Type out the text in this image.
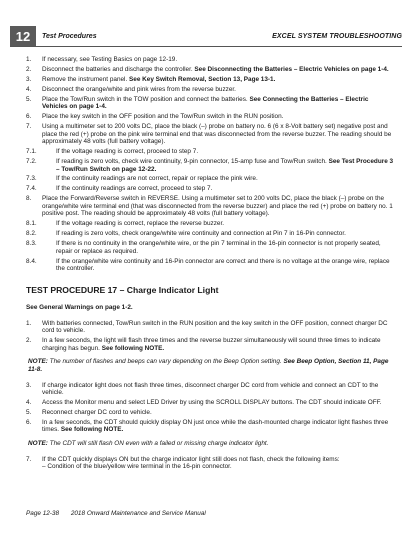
12	Test Procedures	EXCEL SYSTEM TROUBLESHOOTING
1.	If necessary, see Testing Basics on page 12-19.
2.	Disconnect the batteries and discharge the controller. See Disconnecting the Batteries – Electric Vehicles on page 1-4.
3.	Remove the instrument panel. See Key Switch Removal, Section 13, Page 13-1.
4.	Disconnect the orange/white and pink wires from the reverse buzzer.
5.	Place the Tow/Run switch in the TOW position and connect the batteries. See Connecting the Batteries – Electric Vehicles on page 1-4.
6.	Place the key switch in the OFF position and the Tow/Run switch in the RUN position.
7.	Using a multimeter set to 200 volts DC, place the black (–) probe on battery no. 6 (6 x 8-Volt battery set) negative post and place the red (+) probe on the pink wire terminal end that was disconnected from the reverse buzzer. The reading should be approximately 48 volts (full battery voltage).
7.1.	If the voltage reading is correct, proceed to step 7.
7.2.	If reading is zero volts, check wire continuity, 9-pin connector, 15-amp fuse and Tow/Run switch. See Test Procedure 3 – Tow/Run Switch on page 12-22.
7.3.	If the continuity readings are not correct, repair or replace the pink wire.
7.4.	If the continuity readings are correct, proceed to step 7.
8.	Place the Forward/Reverse switch in REVERSE. Using a multimeter set to 200 volts DC, place the black (–) probe on the orange/white wire terminal end (that was disconnected from the reverse buzzer) and place the red (+) probe on battery no. 1 positive post. The reading should be approximately 48 volts (full battery voltage).
8.1.	If the voltage reading is correct, replace the reverse buzzer.
8.2.	If reading is zero volts, check orange/white wire continuity and connection at Pin 7 in 16-Pin connector.
8.3.	If there is no continuity in the orange/white wire, or the pin 7 terminal in the 16-pin connector is not properly seated, repair or replace as required.
8.4.	If the orange/white wire continuity and 16-Pin connector are correct and there is no voltage at the orange wire, replace the controller.
TEST PROCEDURE 17 – Charge Indicator Light
See General Warnings on page 1-2.
1.	With batteries connected, Tow/Run switch in the RUN position and the key switch in the OFF position, connect charger DC cord to vehicle.
2.	In a few seconds, the light will flash three times and the reverse buzzer simultaneously will sound three times to indicate charging has begun. See following NOTE.
NOTE: The number of flashes and beeps can vary depending on the Beep Option setting. See Beep Option, Section 11, Page 11-8.
3.	If charge indicator light does not flash three times, disconnect charger DC cord from vehicle and connect an CDT to the vehicle.
4.	Access the Monitor menu and select LED Driver by using the SCROLL DISPLAY buttons. The CDT should indicate OFF.
5.	Reconnect charger DC cord to vehicle.
6.	In a few seconds, the CDT should quickly display ON just once while the dash-mounted charge indicator light flashes three times. See following NOTE.
NOTE: The CDT will still flash ON even with a failed or missing charge indicator light.
7.	If the CDT quickly displays ON but the charge indicator light still does not flash, check the following items:
– Condition of the blue/yellow wire terminal in the 16-pin connector.
Page 12-38 2018 Onward Maintenance and Service Manual
